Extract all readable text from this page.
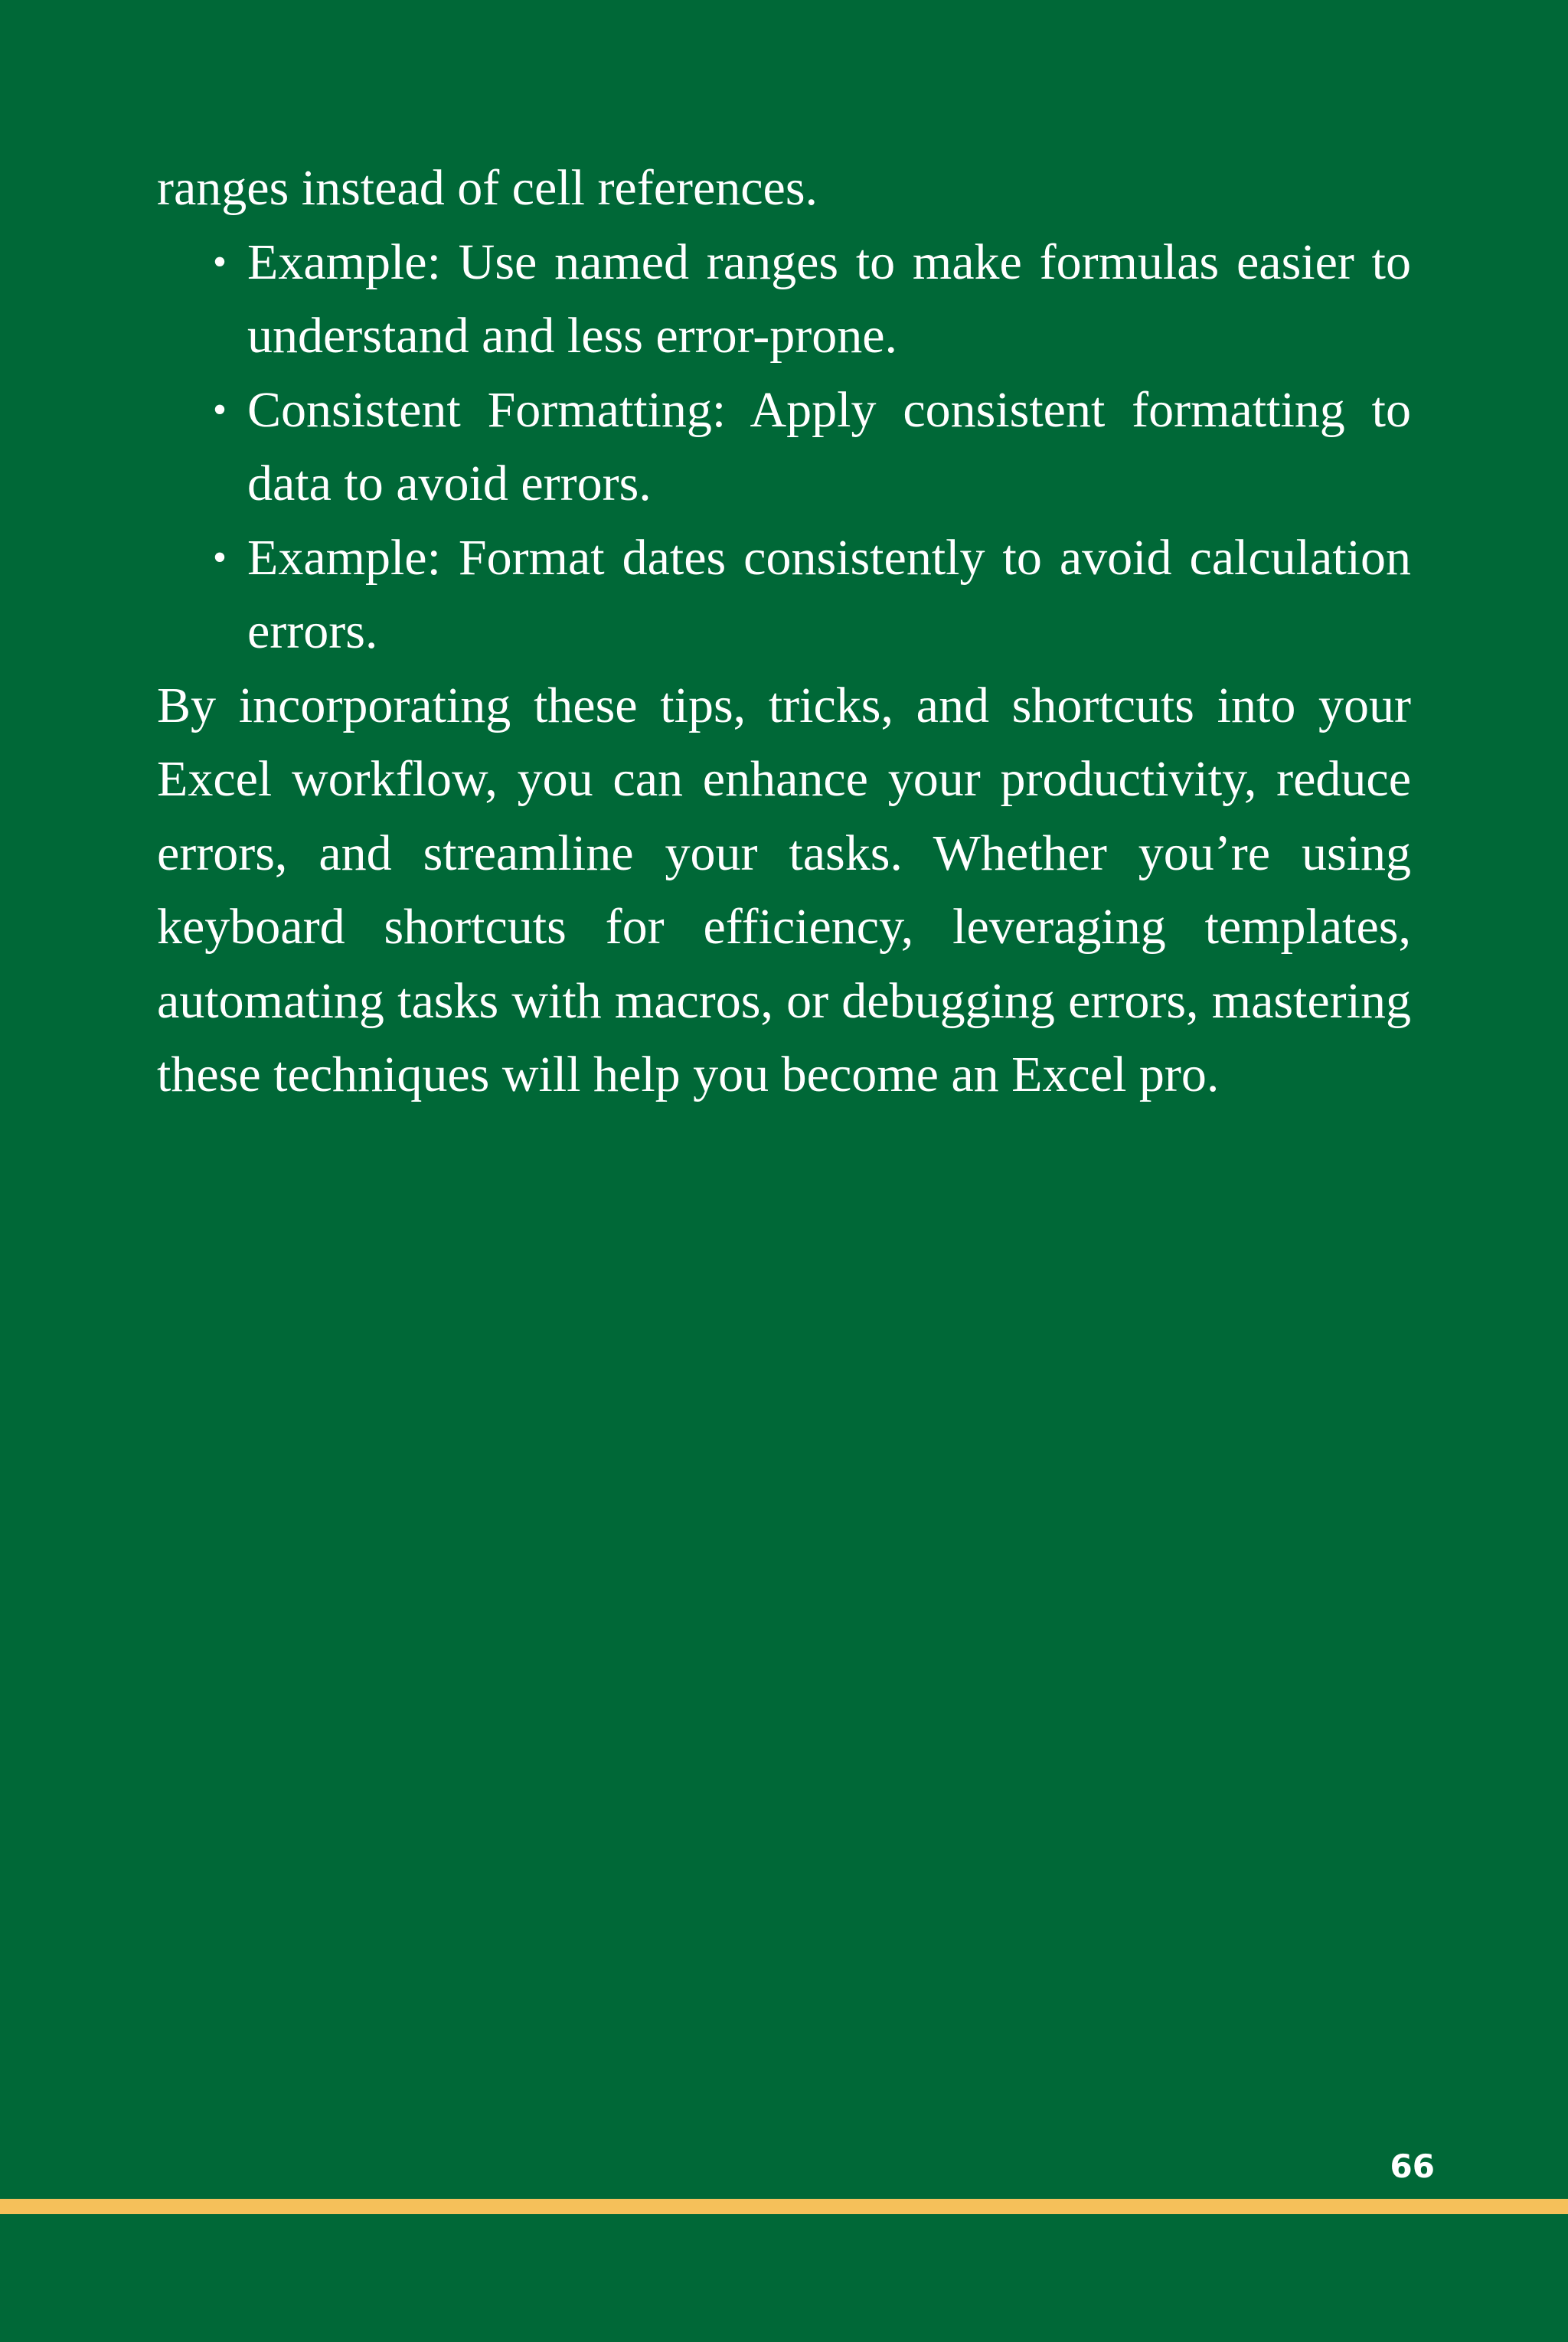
ranges instead of cell references.

• Example: Use named ranges to make formulas easier to understand and less error-prone.
• Consistent Formatting: Apply consistent formatting to data to avoid errors.
• Example: Format dates consistently to avoid calculation errors.

By incorporating these tips, tricks, and shortcuts into your Excel workflow, you can enhance your productivity, reduce errors, and streamline your tasks. Whether you’re using keyboard shortcuts for efficiency, leveraging templates, automating tasks with macros, or debugging errors, mastering these techniques will help you become an Excel pro.

66
